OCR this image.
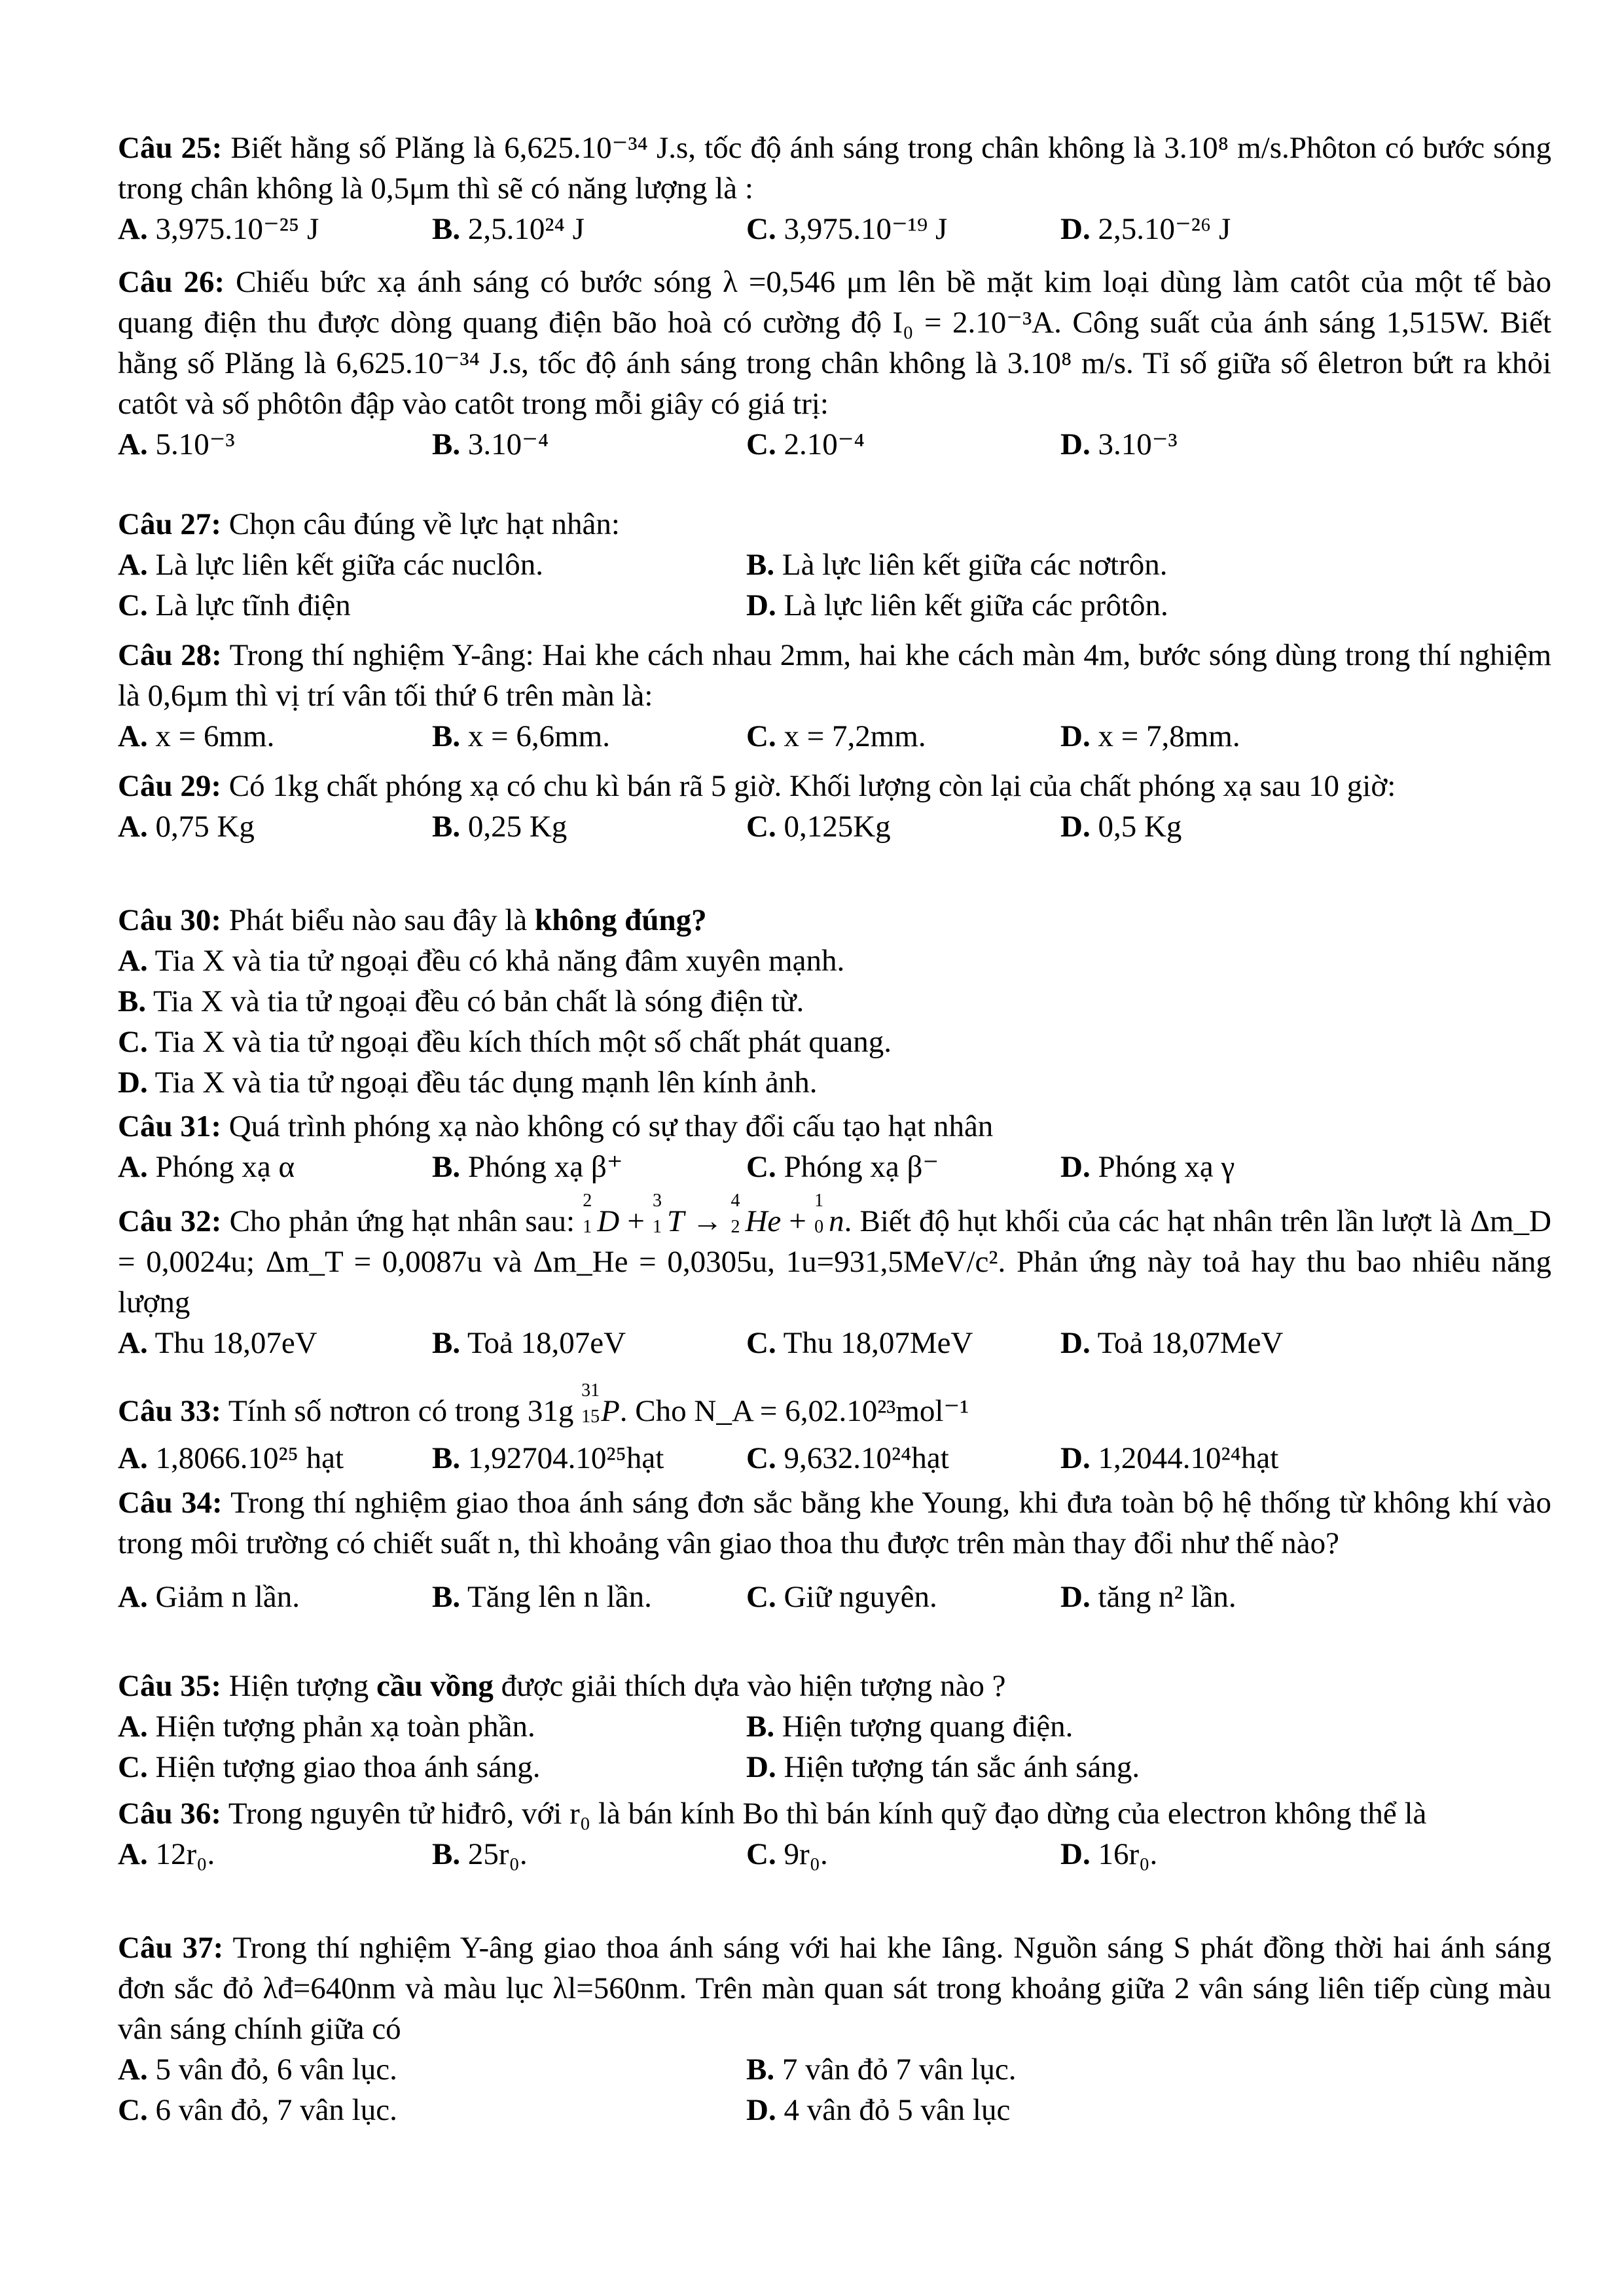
Câu 25: Biết hằng số Plăng là 6,625.10⁻³⁴ J.s, tốc độ ánh sáng trong chân không là 3.10⁸ m/s.Phôton có bước sóng trong chân không là 0,5μm thì sẽ có năng lượng là :
A. 3,975.10⁻²⁵ J	B. 2,5.10²⁴ J	C. 3,975.10⁻¹⁹ J	D. 2,5.10⁻²⁶ J
Câu 26: Chiếu bức xạ ánh sáng có bước sóng λ =0,546 μm lên bề mặt kim loại dùng làm catôt của một tế bào quang điện thu được dòng quang điện bão hoà có cường độ I₀ = 2.10⁻³A. Công suất của ánh sáng 1,515W. Biết hằng số Plăng là 6,625.10⁻³⁴ J.s, tốc độ ánh sáng trong chân không là 3.10⁸ m/s. Tỉ số giữa số êletron bứt ra khỏi catôt và số phôtôn đập vào catôt trong mỗi giây có giá trị:
A. 5.10⁻³	B. 3.10⁻⁴	C. 2.10⁻⁴	D. 3.10⁻³
Câu 27: Chọn câu đúng về lực hạt nhân:
A. Là lực liên kết giữa các nuclôn.	B. Là lực liên kết giữa các nơtrôn.
C. Là lực tĩnh điện	D. Là lực liên kết giữa các prôtôn.
Câu 28: Trong thí nghiệm Y-âng: Hai khe cách nhau 2mm, hai khe cách màn 4m, bước sóng dùng trong thí nghiệm là 0,6µm thì vị trí vân tối thứ 6 trên màn là:
A. x = 6mm.	B. x = 6,6mm.	C. x = 7,2mm.	D. x = 7,8mm.
Câu 29: Có 1kg chất phóng xạ có chu kì bán rã 5 giờ. Khối lượng còn lại của chất phóng xạ sau 10 giờ:
A. 0,75 Kg	B. 0,25 Kg	C. 0,125Kg	D. 0,5 Kg
Câu 30: Phát biểu nào sau đây là không đúng?
A. Tia X và tia tử ngoại đều có khả năng đâm xuyên mạnh.
B. Tia X và tia tử ngoại đều có bản chất là sóng điện từ.
C. Tia X và tia tử ngoại đều kích thích một số chất phát quang.
D. Tia X và tia tử ngoại đều tác dụng mạnh lên kính ảnh.
Câu 31: Quá trình phóng xạ nào không có sự thay đổi cấu tạo hạt nhân
A. Phóng xạ α	B. Phóng xạ β⁺	C. Phóng xạ β⁻	D. Phóng xạ γ
Câu 32: Cho phản ứng hạt nhân sau:
2
1 D +
3
1 T →
4
2 He +
1
0 n. Biết độ hụt khối của các hạt nhân trên lần lượt là Δm_D = 0,0024u; Δm_T = 0,0087u và Δm_He = 0,0305u, 1u=931,5MeV/c². Phản ứng này toả hay thu bao nhiêu năng lượng
A. Thu 18,07eV	B. Toả 18,07eV	C. Thu 18,07MeV	D. Toả 18,07MeV
Câu 33: Tính số nơtron có trong 31g
31
15 P. Cho N_A = 6,02.10²³mol⁻¹
A. 1,8066.10²⁵ hạt	B. 1,92704.10²⁵hạt	C. 9,632.10²⁴hạt	D. 1,2044.10²⁴hạt
Câu 34: Trong thí nghiệm giao thoa ánh sáng đơn sắc bằng khe Young, khi đưa toàn bộ hệ thống từ không khí vào trong môi trường có chiết suất n, thì khoảng vân giao thoa thu được trên màn thay đổi như thế nào?
A. Giảm n lần.	B. Tăng lên n lần.	C. Giữ nguyên.	D. tăng n² lần.
Câu 35: Hiện tượng cầu vồng được giải thích dựa vào hiện tượng nào ?
A. Hiện tượng phản xạ toàn phần.	B. Hiện tượng quang điện.
C. Hiện tượng giao thoa ánh sáng.	D. Hiện tượng tán sắc ánh sáng.
Câu 36: Trong nguyên tử hiđrô, với r₀ là bán kính Bo thì bán kính quỹ đạo dừng của electron không thể là
A. 12r₀.	B. 25r₀.	C. 9r₀.	D. 16r₀.
Câu 37: Trong thí nghiệm Y-âng giao thoa ánh sáng với hai khe Iâng. Nguồn sáng S phát đồng thời hai ánh sáng đơn sắc đỏ λđ=640nm và màu lục λl=560nm. Trên màn quan sát trong khoảng giữa 2 vân sáng liên tiếp cùng màu vân sáng chính giữa có
A. 5 vân đỏ, 6 vân lục.	B. 7 vân đỏ 7 vân lục.
C. 6 vân đỏ, 7 vân lục.	D. 4 vân đỏ 5 vân lục
